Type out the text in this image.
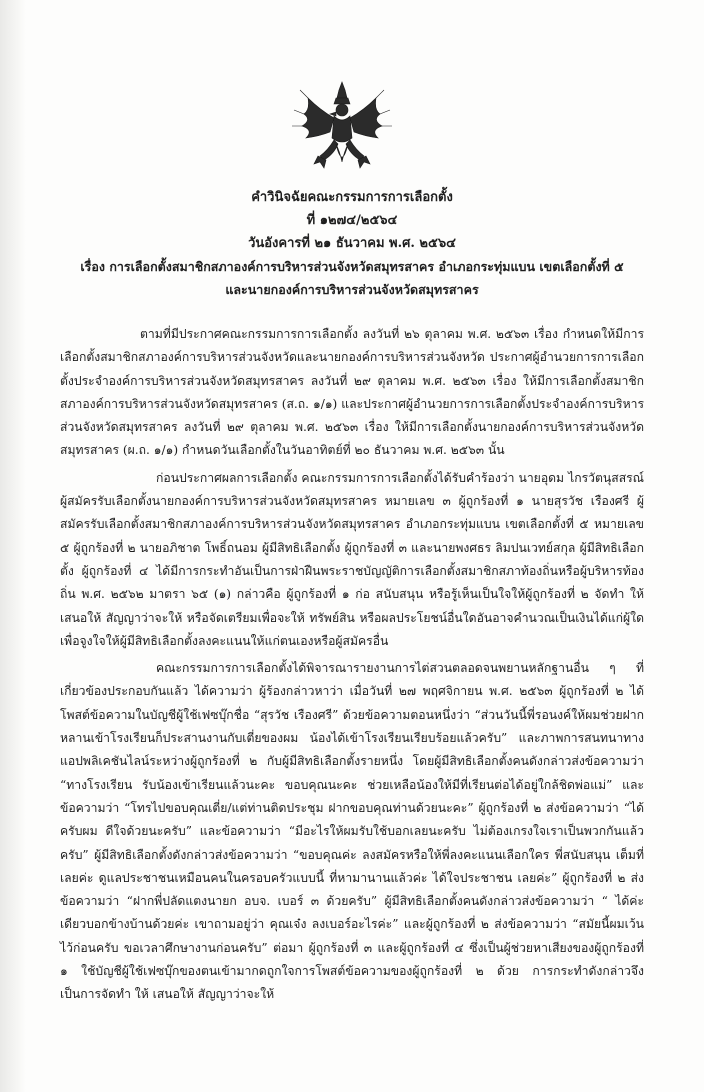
คำวินิจฉัยคณะกรรมการการเลือกตั้ง
ที่ ๑๒๗๔/๒๕๖๔
วันอังคารที่ ๒๑ ธันวาคม พ.ศ. ๒๕๖๔
เรื่อง การเลือกตั้งสมาชิกสภาองค์การบริหารส่วนจังหวัดสมุทรสาคร อำเภอกระทุ่มแบน เขตเลือกตั้งที่ ๕
และนายกองค์การบริหารส่วนจังหวัดสมุทรสาคร

ตามที่มีประกาศคณะกรรมการการเลือกตั้ง ลงวันที่ ๒๖ ตุลาคม พ.ศ. ๒๕๖๓ เรื่อง กำหนดให้มีการเลือกตั้งสมาชิกสภาองค์การบริหารส่วนจังหวัดและนายกองค์การบริหารส่วนจังหวัด ประกาศผู้อำนวยการการเลือกตั้งประจำองค์การบริหารส่วนจังหวัดสมุทรสาคร ลงวันที่ ๒๙ ตุลาคม พ.ศ. ๒๕๖๓ เรื่อง ให้มีการเลือกตั้งสมาชิกสภาองค์การบริหารส่วนจังหวัดสมุทรสาคร (ส.ถ. ๑/๑) และประกาศผู้อำนวยการการเลือกตั้งประจำองค์การบริหารส่วนจังหวัดสมุทรสาคร ลงวันที่ ๒๙ ตุลาคม พ.ศ. ๒๕๖๓ เรื่อง ให้มีการเลือกตั้งนายกองค์การบริหารส่วนจังหวัดสมุทรสาคร (ผ.ถ. ๑/๑) กำหนดวันเลือกตั้งในวันอาทิตย์ที่ ๒๐ ธันวาคม พ.ศ. ๒๕๖๓ นั้น

ก่อนประกาศผลการเลือกตั้ง คณะกรรมการการเลือกตั้งได้รับคำร้องว่า นายอุดม ไกรวัตนุสสรณ์ ผู้สมัครรับเลือกตั้งนายกองค์การบริหารส่วนจังหวัดสมุทรสาคร หมายเลข ๓ ผู้ถูกร้องที่ ๑ นายสุรวัช เรืองศรี ผู้สมัครรับเลือกตั้งสมาชิกสภาองค์การบริหารส่วนจังหวัดสมุทรสาคร อำเภอกระทุ่มแบน เขตเลือกตั้งที่ ๕ หมายเลข ๕ ผู้ถูกร้องที่ ๒ นายอภิชาต โพธิ์ถนอม ผู้มีสิทธิเลือกตั้ง ผู้ถูกร้องที่ ๓ และนายพงศธร ลิมปนเวทย์สกุล ผู้มีสิทธิเลือกตั้ง ผู้ถูกร้องที่ ๔ ได้มีการกระทำอันเป็นการฝ่าฝืนพระราชบัญญัติการเลือกตั้งสมาชิกสภาท้องถิ่นหรือผู้บริหารท้องถิ่น พ.ศ. ๒๕๖๒ มาตรา ๖๕ (๑) กล่าวคือ ผู้ถูกร้องที่ ๑ ก่อ สนับสนุน หรือรู้เห็นเป็นใจให้ผู้ถูกร้องที่ ๒ จัดทำ ให้ เสนอให้ สัญญาว่าจะให้ หรือจัดเตรียมเพื่อจะให้ ทรัพย์สิน หรือผลประโยชน์อื่นใดอันอาจคำนวณเป็นเงินได้แก่ผู้ใด เพื่อจูงใจให้ผู้มีสิทธิเลือกตั้งลงคะแนนให้แก่ตนเองหรือผู้สมัครอื่น

คณะกรรมการการเลือกตั้งได้พิจารณารายงานการไต่สวนตลอดจนพยานหลักฐานอื่น ๆ ที่เกี่ยวข้องประกอบกันแล้ว ได้ความว่า ผู้ร้องกล่าวหาว่า เมื่อวันที่ ๒๗ พฤศจิกายน พ.ศ. ๒๕๖๓ ผู้ถูกร้องที่ ๒ ได้โพสต์ข้อความในบัญชีผู้ใช้เฟซบุ๊กชื่อ “สุรวัช เรืองศรี” ด้วยข้อความตอนหนึ่งว่า “ส่วนวันนี้พี่รอนงค์ให้ผมช่วยฝากหลานเข้าโรงเรียนก็ประสานงานกับเตี่ยของผม น้องได้เข้าโรงเรียนเรียบร้อยแล้วครับ” และภาพการสนทนาทางแอปพลิเคชันไลน์ระหว่างผู้ถูกร้องที่ ๒ กับผู้มีสิทธิเลือกตั้งรายหนึ่ง โดยผู้มีสิทธิเลือกตั้งคนดังกล่าวส่งข้อความว่า “ทางโรงเรียน รับน้องเข้าเรียนแล้วนะคะ ขอบคุณนะคะ ช่วยเหลือน้องให้มีที่เรียนต่อได้อยู่ใกล้ชิดพ่อแม่” และข้อความว่า “โทรไปขอบคุณเตี่ย/แต่ท่านติดประชุม ฝากขอบคุณท่านด้วยนะคะ” ผู้ถูกร้องที่ ๒ ส่งข้อความว่า “ได้ครับผม ดีใจด้วยนะครับ” และข้อความว่า “มีอะไรให้ผมรับใช้บอกเลยนะครับ ไม่ต้องเกรงใจเราเป็นพวกกันแล้วครับ” ผู้มีสิทธิเลือกตั้งดังกล่าวส่งข้อความว่า “ขอบคุณค่ะ ลงสมัครหรือให้พี่ลงคะแนนเลือกใคร พี่สนับสนุน เต็มที่เลยค่ะ ดูแลประชาชนเหมือนคนในครอบครัวแบบนี้ ที่หามานานแล้วค่ะ ได้ใจประชาชน เลยค่ะ” ผู้ถูกร้องที่ ๒ ส่งข้อความว่า “ฝากพี่ปลัดแตงนายก อบจ. เบอร์ ๓ ด้วยครับ” ผู้มีสิทธิเลือกตั้งคนดังกล่าวส่งข้อความว่า “ ได้ค่ะ เดียวบอกข้างบ้านด้วยค่ะ เขาถามอยู่ว่า คุณเจ๋ง ลงเบอร์อะไรค่ะ” และผู้ถูกร้องที่ ๒ ส่งข้อความว่า “สมัยนี้ผมเว้นไว้ก่อนครับ ขอเวลาศึกษางานก่อนครับ” ต่อมา ผู้ถูกร้องที่ ๓ และผู้ถูกร้องที่ ๔ ซึ่งเป็นผู้ช่วยหาเสียงของผู้ถูกร้องที่ ๑ ใช้บัญชีผู้ใช้เฟซบุ๊กของตนเข้ามากดถูกใจการโพสต์ข้อความของผู้ถูกร้องที่ ๒ ด้วย การกระทำดังกล่าวจึงเป็นการจัดทำ ให้ เสนอให้ สัญญาว่าจะให้
